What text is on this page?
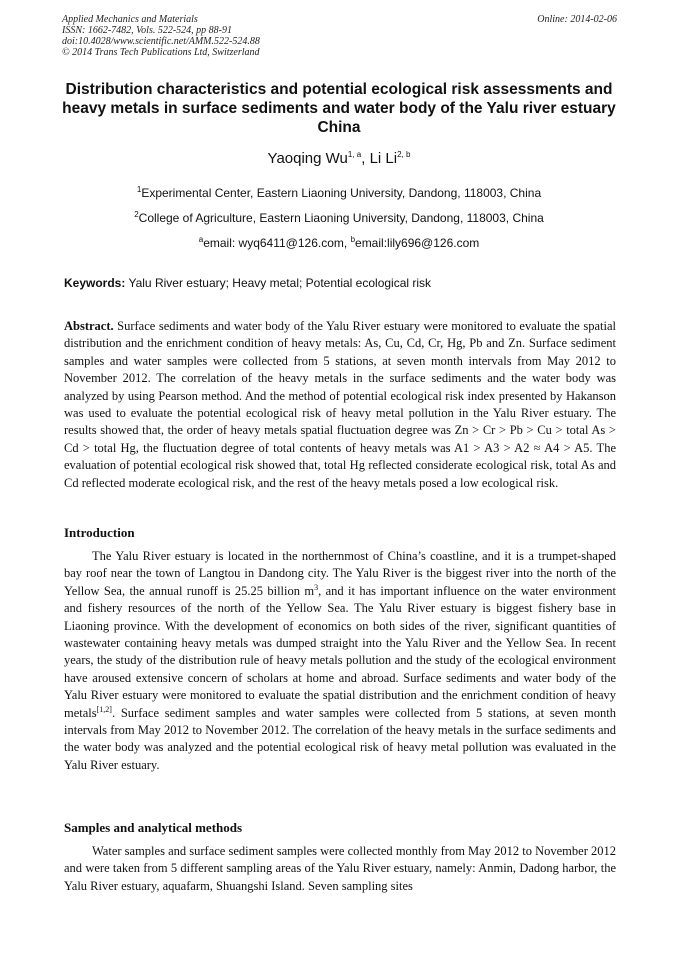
Applied Mechanics and Materials
ISSN: 1662-7482, Vols. 522-524, pp 88-91
doi:10.4028/www.scientific.net/AMM.522-524.88
© 2014 Trans Tech Publications Ltd, Switzerland
Online: 2014-02-06
Distribution characteristics and potential ecological risk assessments and heavy metals in surface sediments and water body of the Yalu river estuary China
Yaoqing Wu$^{1, a}$, Li Li$^{2, b}$
$^1$Experimental Center, Eastern Liaoning University, Dandong, 118003, China
$^2$College of Agriculture, Eastern Liaoning University, Dandong, 118003, China
$^a$email: wyq6411@126.com, $^b$email:lily696@126.com
Keywords: Yalu River estuary; Heavy metal; Potential ecological risk
Abstract. Surface sediments and water body of the Yalu River estuary were monitored to evaluate the spatial distribution and the enrichment condition of heavy metals: As, Cu, Cd, Cr, Hg, Pb and Zn. Surface sediment samples and water samples were collected from 5 stations, at seven month intervals from May 2012 to November 2012. The correlation of the heavy metals in the surface sediments and the water body was analyzed by using Pearson method. And the method of potential ecological risk index presented by Hakanson was used to evaluate the potential ecological risk of heavy metal pollution in the Yalu River estuary. The results showed that, the order of heavy metals spatial fluctuation degree was Zn > Cr > Pb > Cu > total As > Cd > total Hg, the fluctuation degree of total contents of heavy metals was A1 > A3 > A2 ≈ A4 > A5. The evaluation of potential ecological risk showed that, total Hg reflected considerate ecological risk, total As and Cd reflected moderate ecological risk, and the rest of the heavy metals posed a low ecological risk.
Introduction
The Yalu River estuary is located in the northernmost of China’s coastline, and it is a trumpet-shaped bay roof near the town of Langtou in Dandong city. The Yalu River is the biggest river into the north of the Yellow Sea, the annual runoff is 25.25 billion $m^3$, and it has important influence on the water environment and fishery resources of the north of the Yellow Sea. The Yalu River estuary is biggest fishery base in Liaoning province. With the development of economics on both sides of the river, significant quantities of wastewater containing heavy metals was dumped straight into the Yalu River and the Yellow Sea. In recent years, the study of the distribution rule of heavy metals pollution and the study of the ecological environment have aroused extensive concern of scholars at home and abroad. Surface sediments and water body of the Yalu River estuary were monitored to evaluate the spatial distribution and the enrichment condition of heavy metals[1,2]. Surface sediment samples and water samples were collected from 5 stations, at seven month intervals from May 2012 to November 2012. The correlation of the heavy metals in the surface sediments and the water body was analyzed and the potential ecological risk of heavy metal pollution was evaluated in the Yalu River estuary.
Samples and analytical methods
Water samples and surface sediment samples were collected monthly from May 2012 to November 2012 and were taken from 5 different sampling areas of the Yalu River estuary, namely: Anmin, Dadong harbor, the Yalu River estuary, aquafarm, Shuangshi Island. Seven sampling sites
